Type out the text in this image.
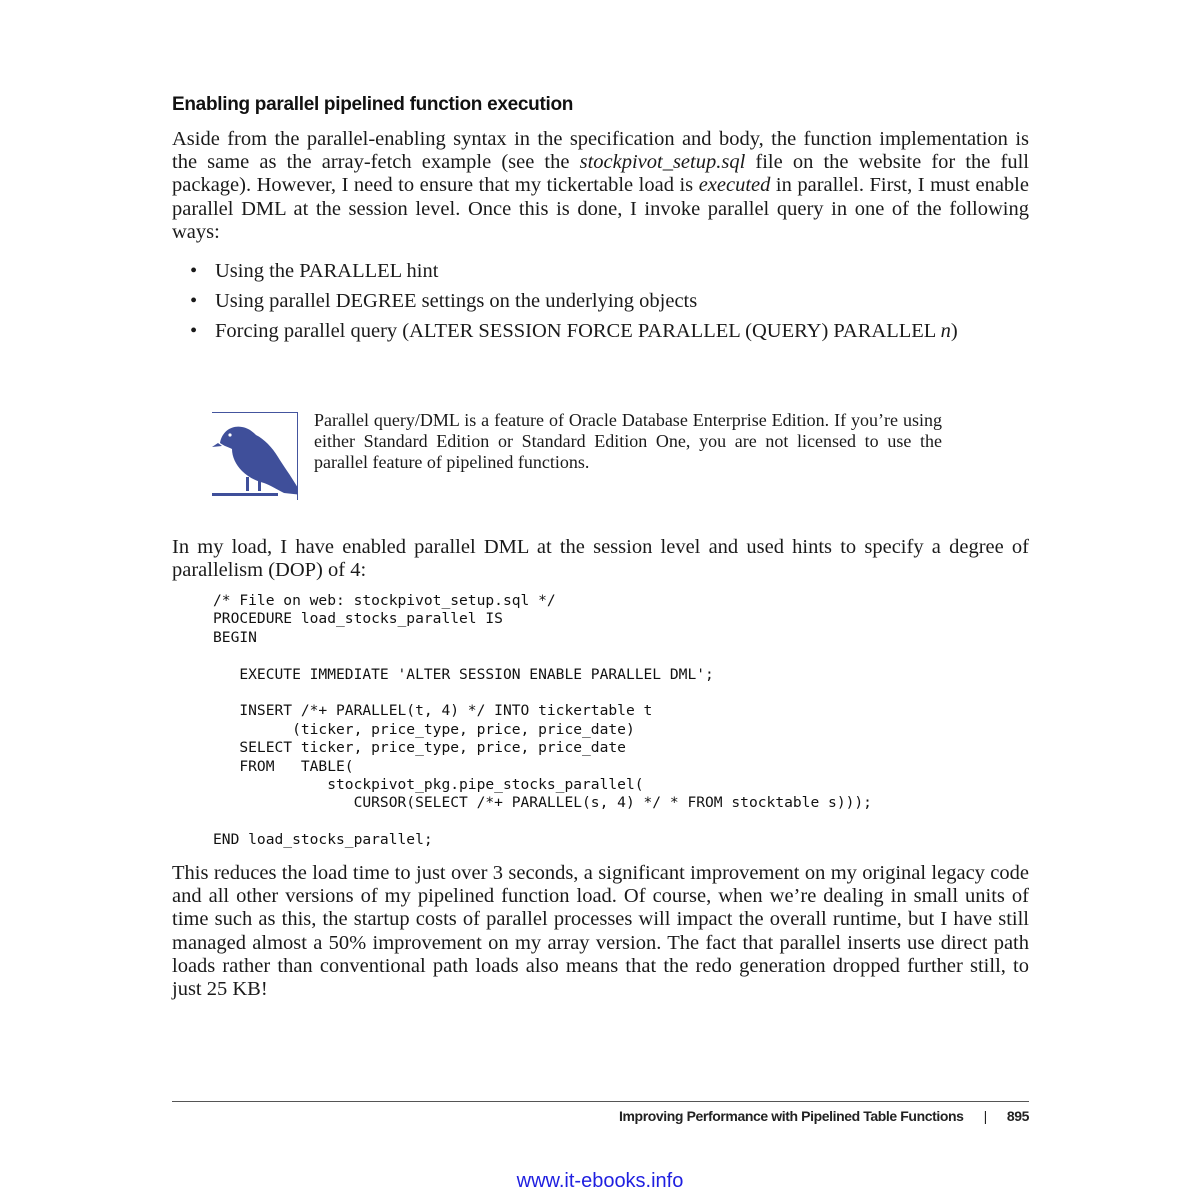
Enabling parallel pipelined function execution

Aside from the parallel-enabling syntax in the specification and body, the function implementation is the same as the array-fetch example (see the stockpivot_setup.sql file on the website for the full package). However, I need to ensure that my tickertable load is executed in parallel. First, I must enable parallel DML at the session level. Once this is done, I invoke parallel query in one of the following ways:

• Using the PARALLEL hint
• Using parallel DEGREE settings on the underlying objects
• Forcing parallel query (ALTER SESSION FORCE PARALLEL (QUERY) PARALLEL n)

Parallel query/DML is a feature of Oracle Database Enterprise Edition. If you’re using either Standard Edition or Standard Edition One, you are not licensed to use the parallel feature of pipelined functions.

In my load, I have enabled parallel DML at the session level and used hints to specify a degree of parallelism (DOP) of 4:

/* File on web: stockpivot_setup.sql */
PROCEDURE load_stocks_parallel IS
BEGIN

EXECUTE IMMEDIATE 'ALTER SESSION ENABLE PARALLEL DML';

INSERT /*+ PARALLEL(t, 4) */ INTO tickertable t
(ticker, price_type, price, price_date)
SELECT ticker, price_type, price, price_date
FROM   TABLE(
stockpivot_pkg.pipe_stocks_parallel(
CURSOR(SELECT /*+ PARALLEL(s, 4) */ * FROM stocktable s)));

END load_stocks_parallel;

This reduces the load time to just over 3 seconds, a significant improvement on my original legacy code and all other versions of my pipelined function load. Of course, when we’re dealing in small units of time such as this, the startup costs of parallel processes will impact the overall runtime, but I have still managed almost a 50% improvement on my array version. The fact that parallel inserts use direct path loads rather than conventional path loads also means that the redo generation dropped further still, to just 25 KB!

Improving Performance with Pipelined Table Functions | 895
www.it-ebooks.info
